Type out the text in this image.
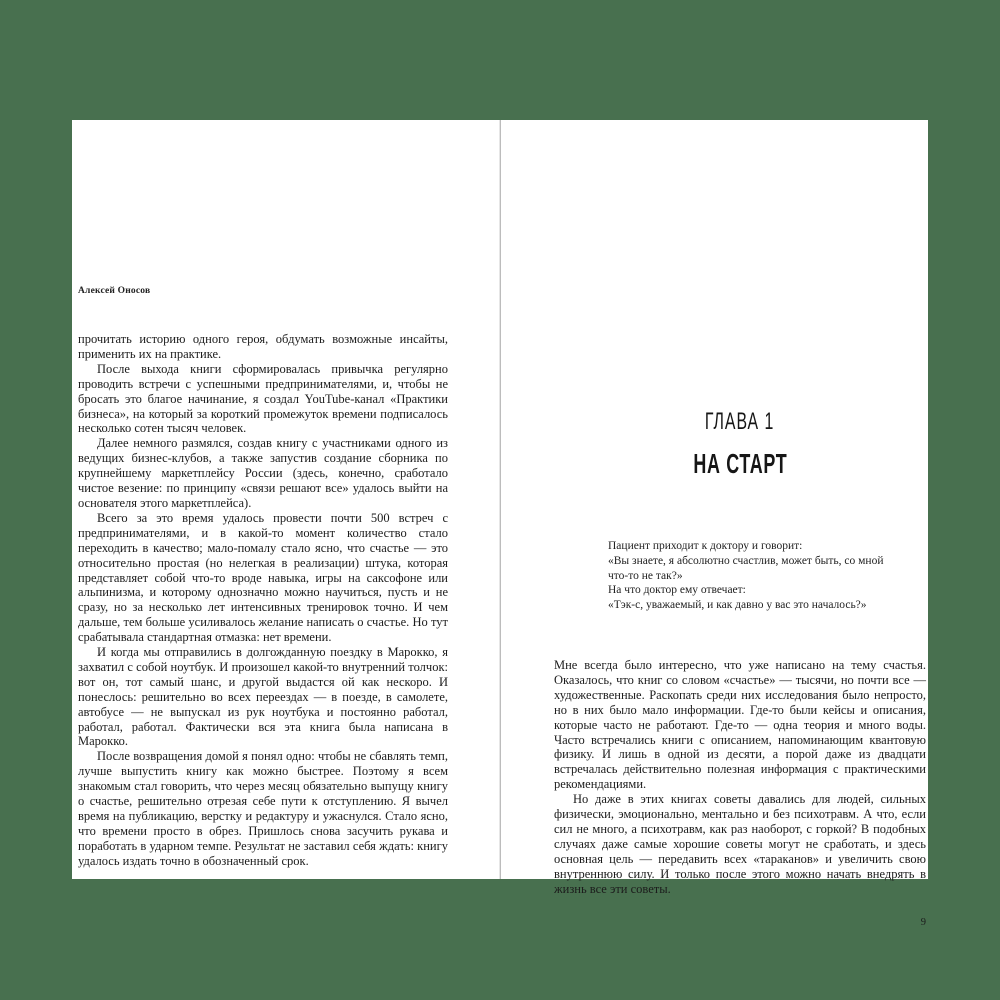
Алексей Оносов

прочитать историю одного героя, обдумать возможные инсайты, применить их на практике.

После выхода книги сформировалась привычка регулярно проводить встречи с успешными предпринимателями, и, чтобы не бросать это благое начинание, я создал YouTube-канал «Практики бизнеса», на который за короткий промежуток времени подписалось несколько сотен тысяч человек.

Далее немного размялся, создав книгу с участниками одного из ведущих бизнес-клубов, а также запустив создание сборника по крупнейшему маркетплейсу России (здесь, конечно, сработало чистое везение: по принципу «связи решают все» удалось выйти на основателя этого маркетплейса).

Всего за это время удалось провести почти 500 встреч с предпринимателями, и в какой-то момент количество стало переходить в качество; мало-помалу стало ясно, что счастье — это относительно простая (но нелегкая в реализации) штука, которая представляет собой что-то вроде навыка, игры на саксофоне или альпинизма, и которому однозначно можно научиться, пусть и не сразу, но за несколько лет интенсивных тренировок точно. И чем дальше, тем больше усиливалось желание написать о счастье. Но тут срабатывала стандартная отмазка: нет времени.

И когда мы отправились в долгожданную поездку в Марокко, я захватил с собой ноутбук. И произошел какой-то внутренний толчок: вот он, тот самый шанс, и другой выдастся ой как нескоро. И понеслось: решительно во всех переездах — в поезде, в самолете, автобусе — не выпускал из рук ноутбука и постоянно работал, работал, работал. Фактически вся эта книга была написана в Марокко.

После возвращения домой я понял одно: чтобы не сбавлять темп, лучше выпустить книгу как можно быстрее. Поэтому я всем знакомым стал говорить, что через месяц обязательно выпущу книгу о счастье, решительно отрезая себе пути к отступлению. Я вычел время на публикацию, верстку и редактуру и ужаснулся. Стало ясно, что времени просто в обрез. Пришлось снова засучить рукава и поработать в ударном темпе. Результат не заставил себя ждать: книгу удалось издать точно в обозначенный срок.

ГЛАВА 1
НА СТАРТ

Пациент приходит к доктору и говорит:

«Вы знаете, я абсолютно счастлив, может быть, со мной что-то не так?»

На что доктор ему отвечает:

«Тэк-с, уважаемый, и как давно у вас это началось?»

Мне всегда было интересно, что уже написано на тему счастья. Оказалось, что книг со словом «счастье» — тысячи, но почти все — художественные. Раскопать среди них исследования было непросто, но в них было мало информации. Где-то были кейсы и описания, которые часто не работают. Где-то — одна теория и много воды. Часто встречались книги с описанием, напоминающим квантовую физику. И лишь в одной из десяти, а порой даже из двадцати встречалась действительно полезная информация с практическими рекомендациями.

Но даже в этих книгах советы давались для людей, сильных физически, эмоционально, ментально и без психотравм. А что, если сил не много, а психотравм, как раз наоборот, с горкой? В подобных случаях даже самые хорошие советы могут не сработать, и здесь основная цель — передавить всех «тараканов» и увеличить свою внутреннюю силу. И только после этого можно начать внедрять в жизнь все эти советы.

9
